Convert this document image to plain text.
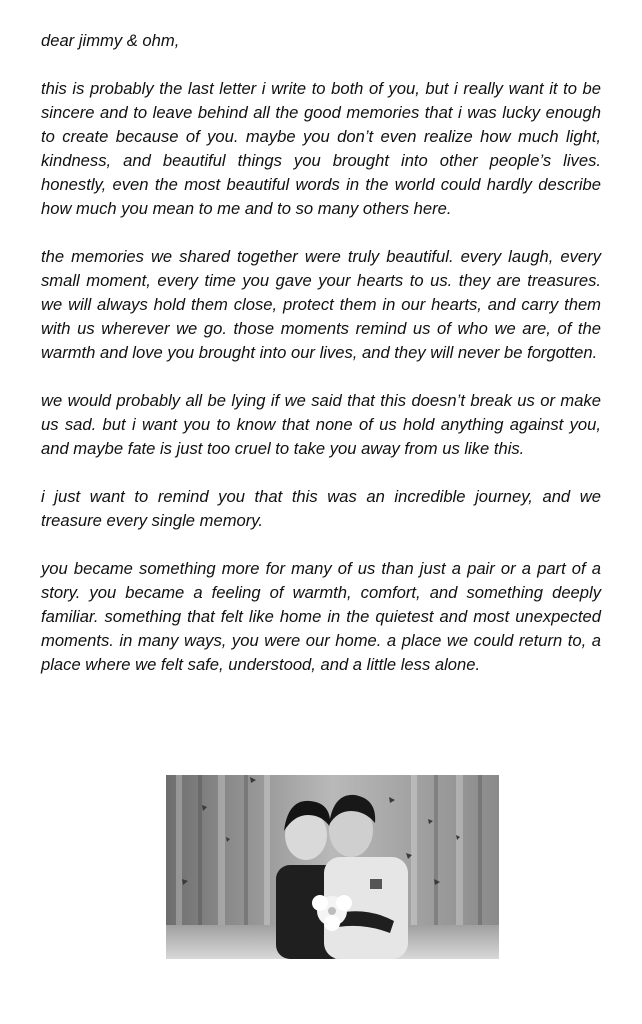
dear jimmy & ohm,

this is probably the last letter i write to both of you, but i really want it to be sincere and to leave behind all the good memories that i was lucky enough to create because of you. maybe you don’t even realize how much light, kindness, and beautiful things you brought into other people’s lives. honestly, even the most beautiful words in the world could hardly describe how much you mean to me and to so many others here.

the memories we shared together were truly beautiful. every laugh, every small moment, every time you gave your hearts to us. they are treasures. we will always hold them close, protect them in our hearts, and carry them with us wherever we go. those moments remind us of who we are, of the warmth and love you brought into our lives, and they will never be forgotten.

we would probably all be lying if we said that this doesn’t break us or make us sad. but i want you to know that none of us hold anything against you, and maybe fate is just too cruel to take you away from us like this.

i just want to remind you that this was an incredible journey, and we treasure every single memory.

you became something more for many of us than just a pair or a part of a story. you became a feeling of warmth, comfort, and something deeply familiar. something that felt like home in the quietest and most unexpected moments. in many ways, you were our home. a place we could return to, a place where we felt safe, understood, and a little less alone.
